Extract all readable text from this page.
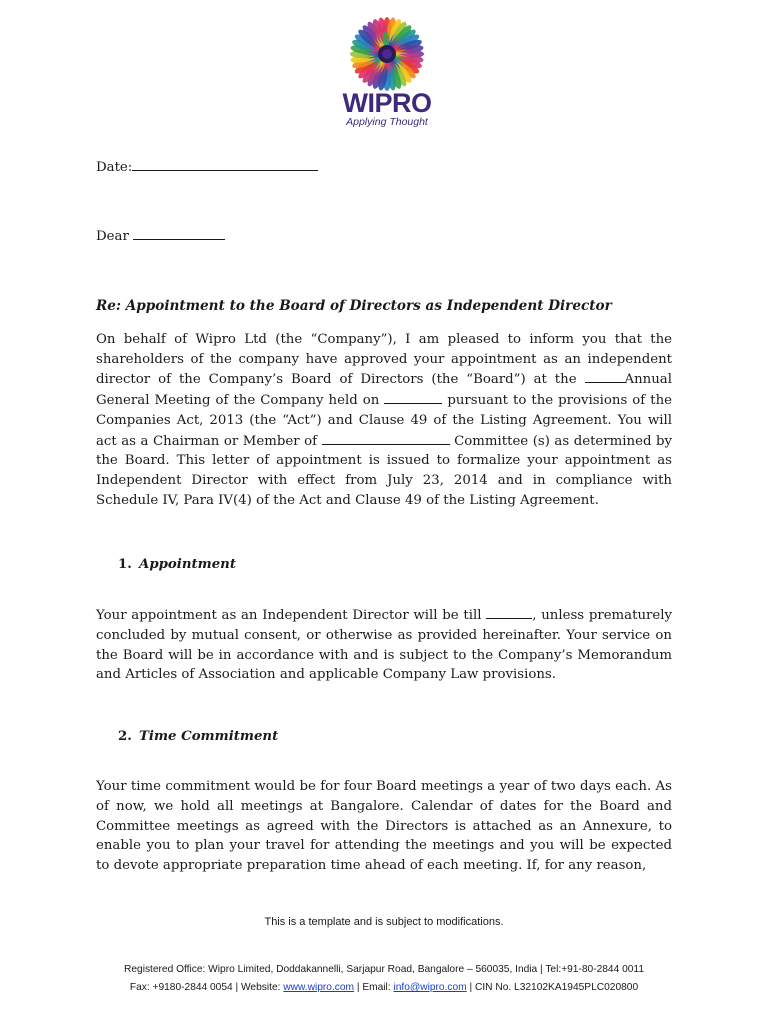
WIPRO
Applying Thought
Date:
Dear
Re: Appointment to the Board of Directors as Independent Director

On behalf of Wipro Ltd (the “Company”), I am pleased to inform you that the shareholders of the company have approved your appointment as an independent director of the Company’s Board of Directors (the “Board”) at the	Annual General Meeting of the Company held on	pursuant to the provisions of the Companies Act, 2013 (the “Act”) and Clause 49 of the Listing Agreement. You will act as a Chairman or Member of	Committee (s) as determined by the Board. This letter of appointment is issued to formalize your appointment as Independent Director with effect from July 23, 2014 and in compliance with Schedule IV, Para IV(4) of the Act and Clause 49 of the Listing Agreement.

1. Appointment

Your appointment as an Independent Director will be till	, unless prematurely concluded by mutual consent, or otherwise as provided hereinafter. Your service on the Board will be in accordance with and is subject to the Company’s Memorandum and Articles of Association and applicable Company Law provisions.

2. Time Commitment

Your time commitment would be for four Board meetings a year of two days each. As of now, we hold all meetings at Bangalore. Calendar of dates for the Board and Committee meetings as agreed with the Directors is attached as an Annexure, to enable you to plan your travel for attending the meetings and you will be expected to devote appropriate preparation time ahead of each meeting. If, for any reason,

This is a template and is subject to modifications.
Registered Office: Wipro Limited, Doddakannelli, Sarjapur Road, Bangalore – 560035, India | Tel:+91-80-2844 0011
Fax: +9180-2844 0054 | Website: www.wipro.com | Email: info@wipro.com | CIN No. L32102KA1945PLC020800
